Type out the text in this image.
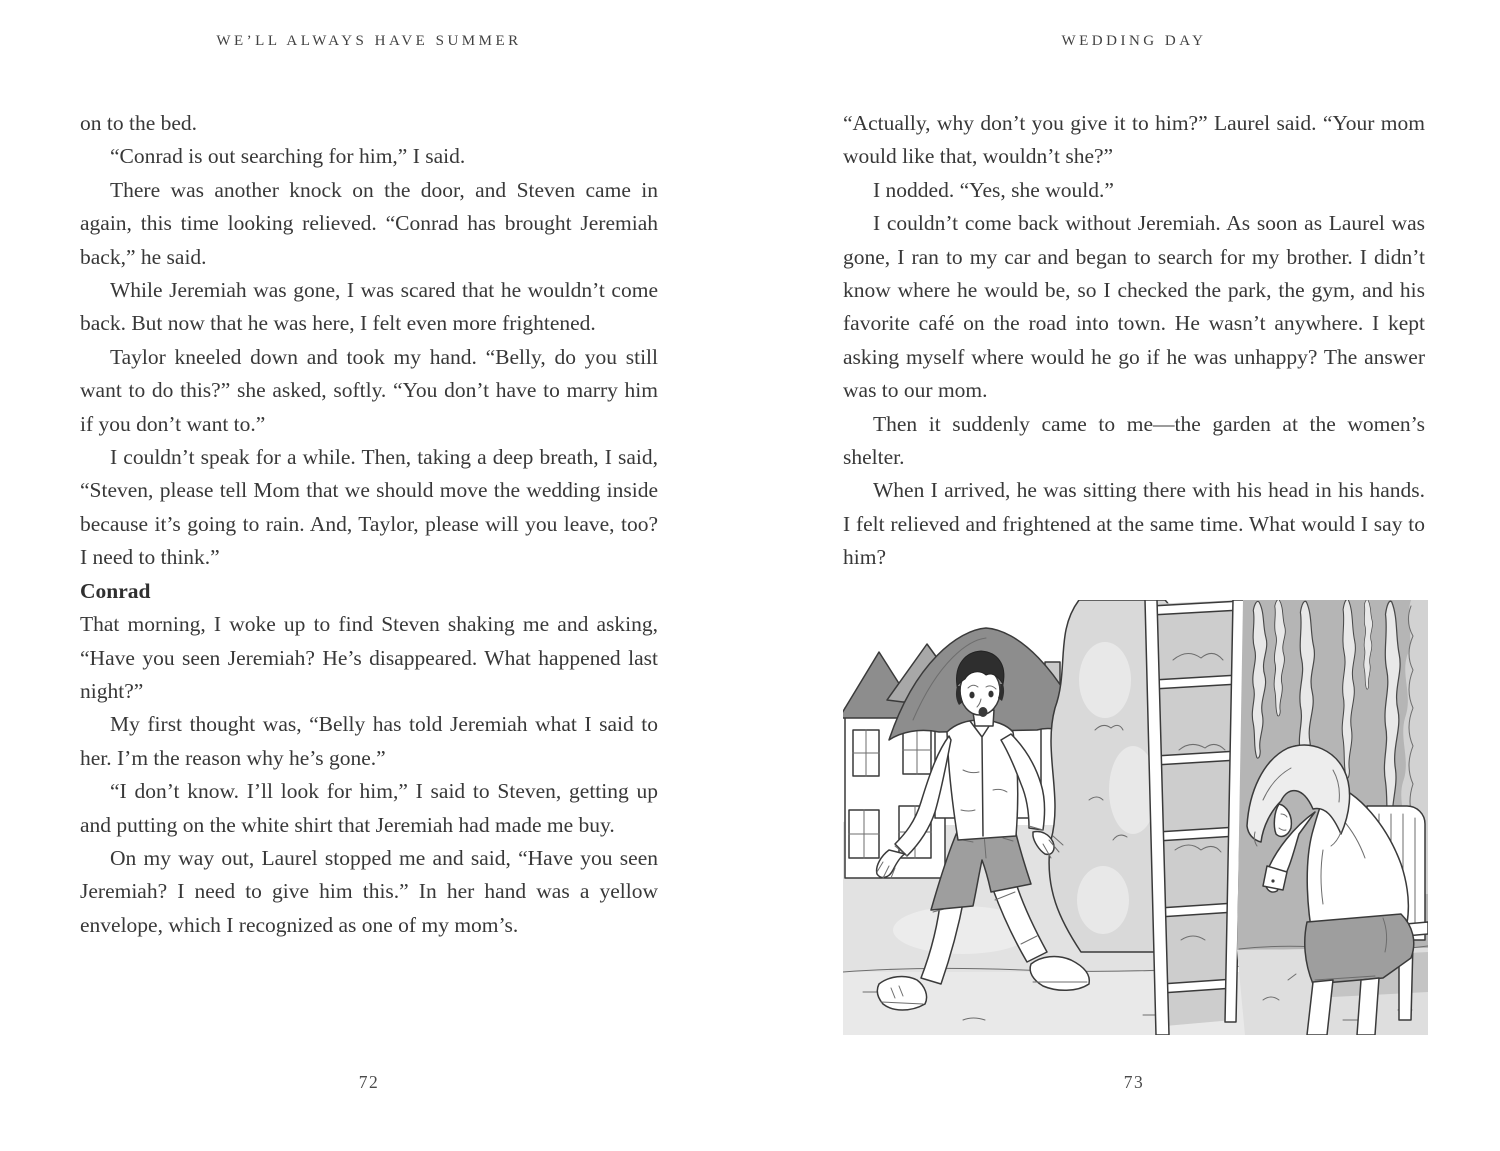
WE’LL ALWAYS HAVE SUMMER

on to the bed.

“Conrad is out searching for him,” I said.

There was another knock on the door, and Steven came in again, this time looking relieved. “Conrad has brought Jeremiah back,” he said.

While Jeremiah was gone, I was scared that he wouldn’t come back. But now that he was here, I felt even more frightened.

Taylor kneeled down and took my hand. “Belly, do you still want to do this?” she asked, softly. “You don’t have to marry him if you don’t want to.”

I couldn’t speak for a while. Then, taking a deep breath, I said, “Steven, please tell Mom that we should move the wedding inside because it’s going to rain. And, Taylor, please will you leave, too? I need to think.”

Conrad

That morning, I woke up to find Steven shaking me and asking, “Have you seen Jeremiah? He’s disappeared. What happened last night?”

My first thought was, “Belly has told Jeremiah what I said to her. I’m the reason why he’s gone.”

“I don’t know. I’ll look for him,” I said to Steven, getting up and putting on the white shirt that Jeremiah had made me buy.

On my way out, Laurel stopped me and said, “Have you seen Jeremiah? I need to give him this.” In her hand was a yellow envelope, which I recognized as one of my mom’s.

72
WEDDING DAY

“Actually, why don’t you give it to him?” Laurel said. “Your mom would like that, wouldn’t she?”

I nodded. “Yes, she would.”

I couldn’t come back without Jeremiah. As soon as Laurel was gone, I ran to my car and began to search for my brother. I didn’t know where he would be, so I checked the park, the gym, and his favorite café on the road into town. He wasn’t anywhere. I kept asking myself where would he go if he was unhappy? The answer was to our mom.

Then it suddenly came to me—the garden at the women’s shelter.

When I arrived, he was sitting there with his head in his hands. I felt relieved and frightened at the same time. What would I say to him?

73
